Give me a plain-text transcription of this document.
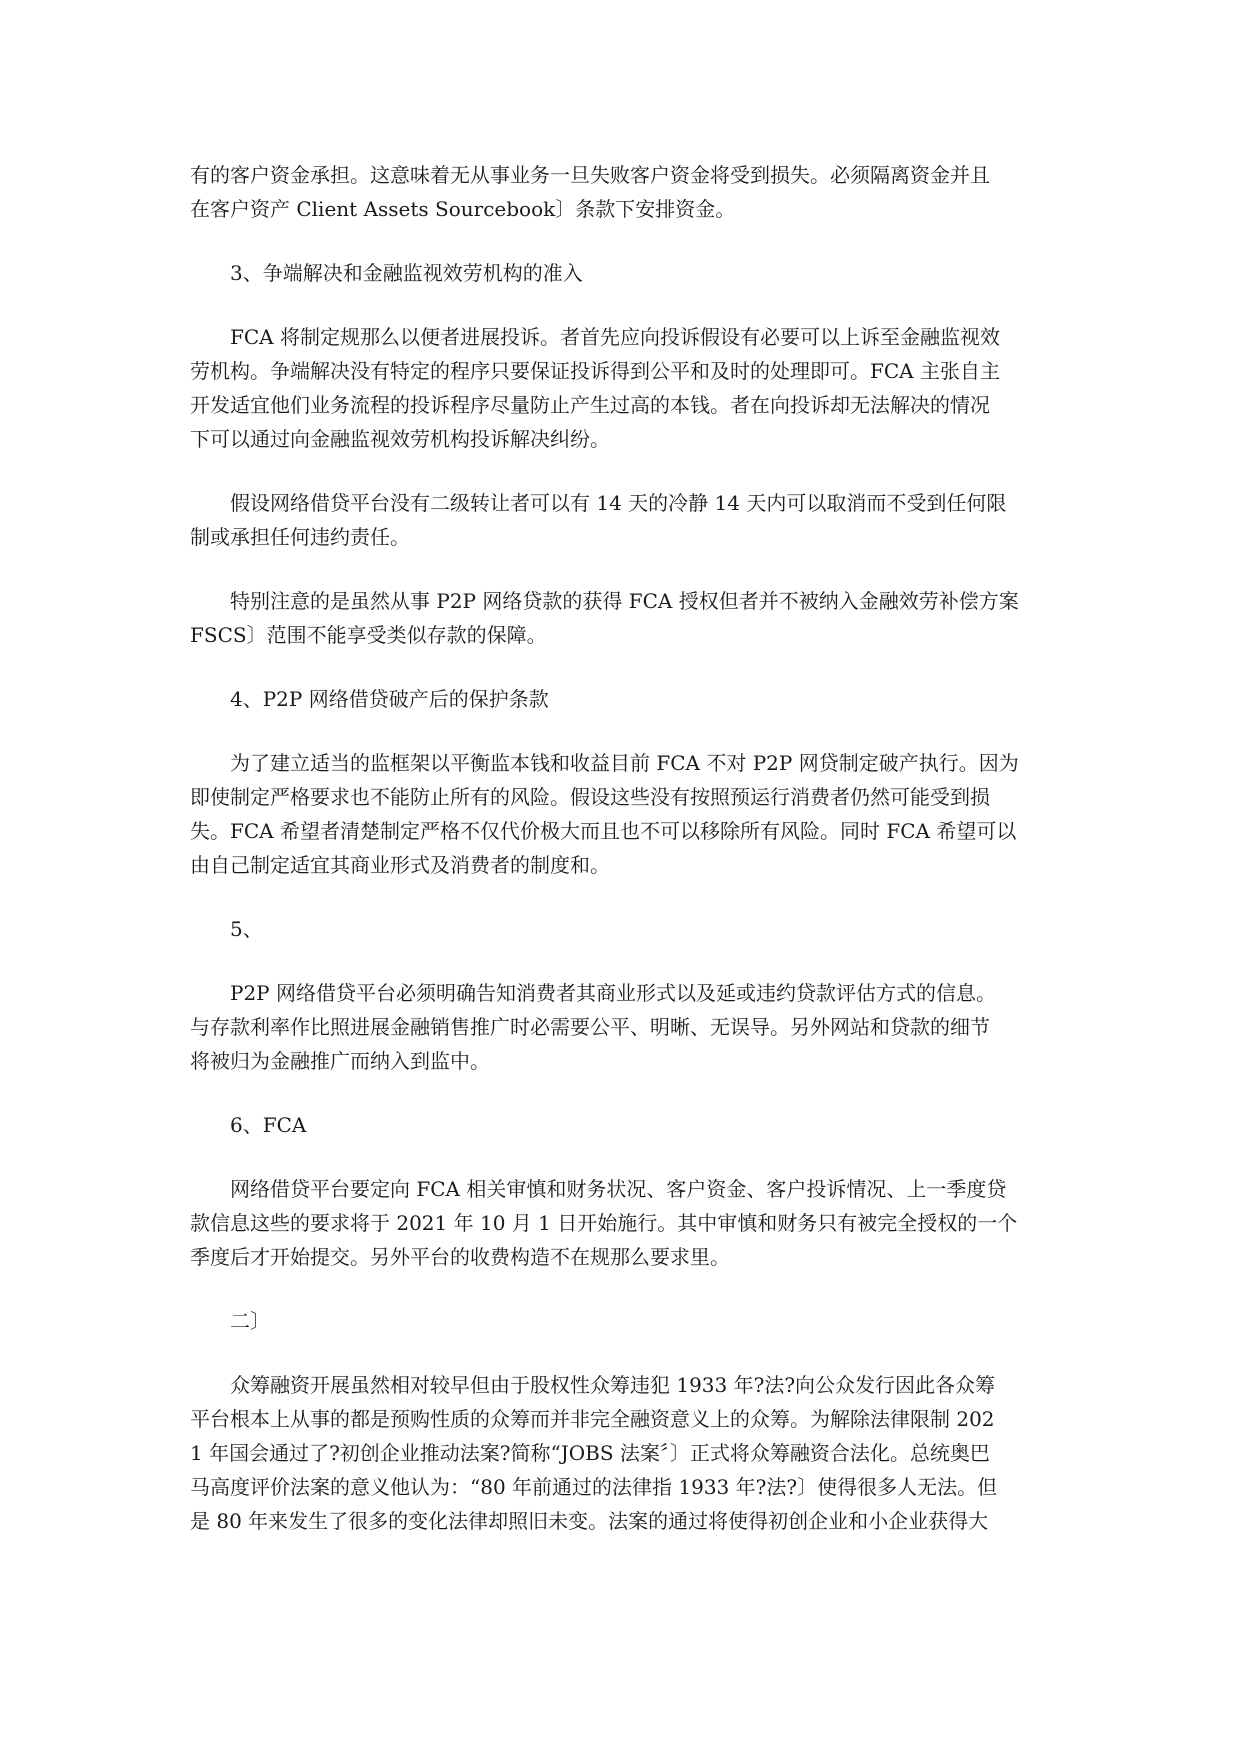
有的客户资金承担。这意味着无从事业务一旦失败客户资金将受到损失。必须隔离资金并且
在客户资产 Client Assets Sourcebook〕条款下安排资金。
3、争端解决和金融监视效劳机构的准入
FCA 将制定规那么以便者进展投诉。者首先应向投诉假设有必要可以上诉至金融监视效
劳机构。争端解决没有特定的程序只要保证投诉得到公平和及时的处理即可。FCA 主张自主
开发适宜他们业务流程的投诉程序尽量防止产生过高的本钱。者在向投诉却无法解决的情况
下可以通过向金融监视效劳机构投诉解决纠纷。
假设网络借贷平台没有二级转让者可以有 14 天的冷静 14 天内可以取消而不受到任何限
制或承担任何违约责任。
特别注意的是虽然从事 P2P 网络贷款的获得 FCA 授权但者并不被纳入金融效劳补偿方案
FSCS〕范围不能享受类似存款的保障。
4、P2P 网络借贷破产后的保护条款
为了建立适当的监框架以平衡监本钱和收益目前 FCA 不对 P2P 网贷制定破产执行。因为
即使制定严格要求也不能防止所有的风险。假设这些没有按照预运行消费者仍然可能受到损
失。FCA 希望者清楚制定严格不仅代价极大而且也不可以移除所有风险。同时 FCA 希望可以
由自己制定适宜其商业形式及消费者的制度和。
5、
P2P 网络借贷平台必须明确告知消费者其商业形式以及延或违约贷款评估方式的信息。
与存款利率作比照进展金融销售推广时必需要公平、明晰、无误导。另外网站和贷款的细节
将被归为金融推广而纳入到监中。
6、FCA
网络借贷平台要定向 FCA 相关审慎和财务状况、客户资金、客户投诉情况、上一季度贷
款信息这些的要求将于 2021 年 10 月 1 日开始施行。其中审慎和财务只有被完全授权的一个
季度后才开始提交。另外平台的收费构造不在规那么要求里。
二〕
众筹融资开展虽然相对较早但由于股权性众筹违犯 1933 年?法?向公众发行因此各众筹
平台根本上从事的都是预购性质的众筹而并非完全融资意义上的众筹。为解除法律限制 202
1 年国会通过了?初创企业推动法案?简称“JOBS 法案〞〕正式将众筹融资合法化。总统奥巴
马高度评价法案的意义他认为：“80 年前通过的法律指 1933 年?法?〕使得很多人无法。但
是 80 年来发生了很多的变化法律却照旧未变。法案的通过将使得初创企业和小企业获得大
